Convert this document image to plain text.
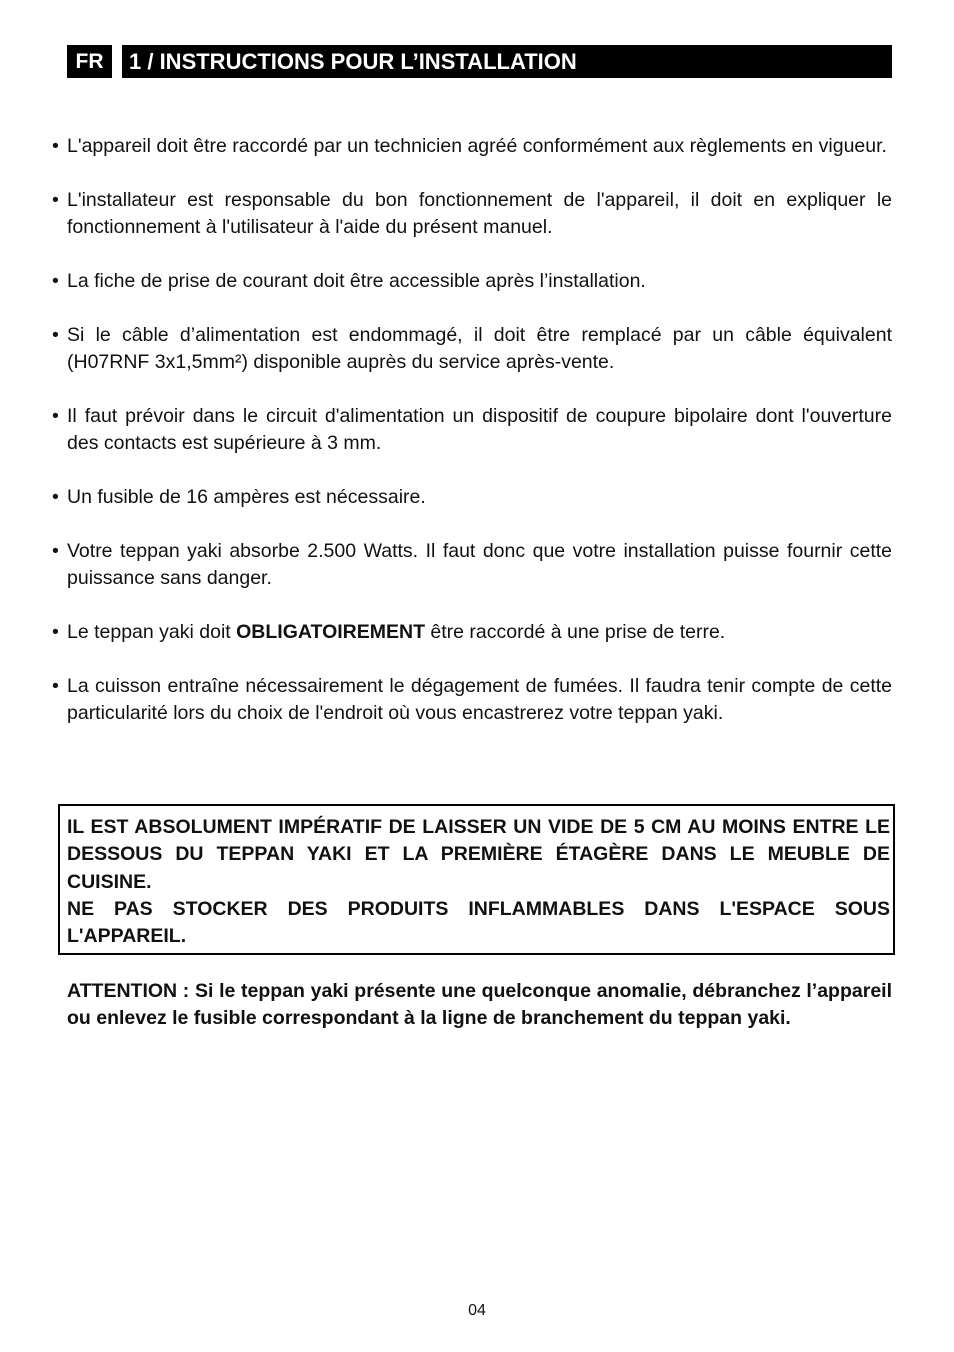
FR	1 / INSTRUCTIONS POUR L’INSTALLATION
• L'appareil doit être raccordé par un technicien agréé conformément aux règlements en vigueur.
• L'installateur est responsable du bon fonctionnement de l'appareil, il doit en expliquer le fonctionnement à l'utilisateur à l'aide du présent manuel.
• La fiche de prise de courant doit être accessible après l’installation.
• Si le câble d’alimentation est endommagé, il doit être remplacé par un câble équivalent (H07RNF 3x1,5mm²) disponible auprès du service après-vente.
• Il faut prévoir dans le circuit d'alimentation un dispositif de coupure bipolaire dont l'ouverture des contacts est supérieure à 3 mm.
• Un fusible de 16 ampères est nécessaire.
• Votre teppan yaki absorbe 2.500 Watts. Il faut donc que votre installation puisse fournir cette puissance sans danger.
• Le teppan yaki doit OBLIGATOIREMENT être raccordé à une prise de terre.
• La cuisson entraîne nécessairement le dégagement de fumées. Il faudra tenir compte de cette particularité lors du choix de l'endroit où vous encastrerez votre teppan yaki.

IL EST ABSOLUMENT IMPÉRATIF DE LAISSER UN VIDE DE 5 CM AU MOINS ENTRE LE DESSOUS DU TEPPAN YAKI ET LA PREMIÈRE ÉTAGÈRE DANS LE MEUBLE DE CUISINE.

NE PAS STOCKER DES PRODUITS INFLAMMABLES DANS L'ESPACE SOUS L'APPAREIL.

ATTENTION : Si le teppan yaki présente une quelconque anomalie, débranchez l’appareil ou enlevez le fusible correspondant à la ligne de branchement du teppan yaki.
04
